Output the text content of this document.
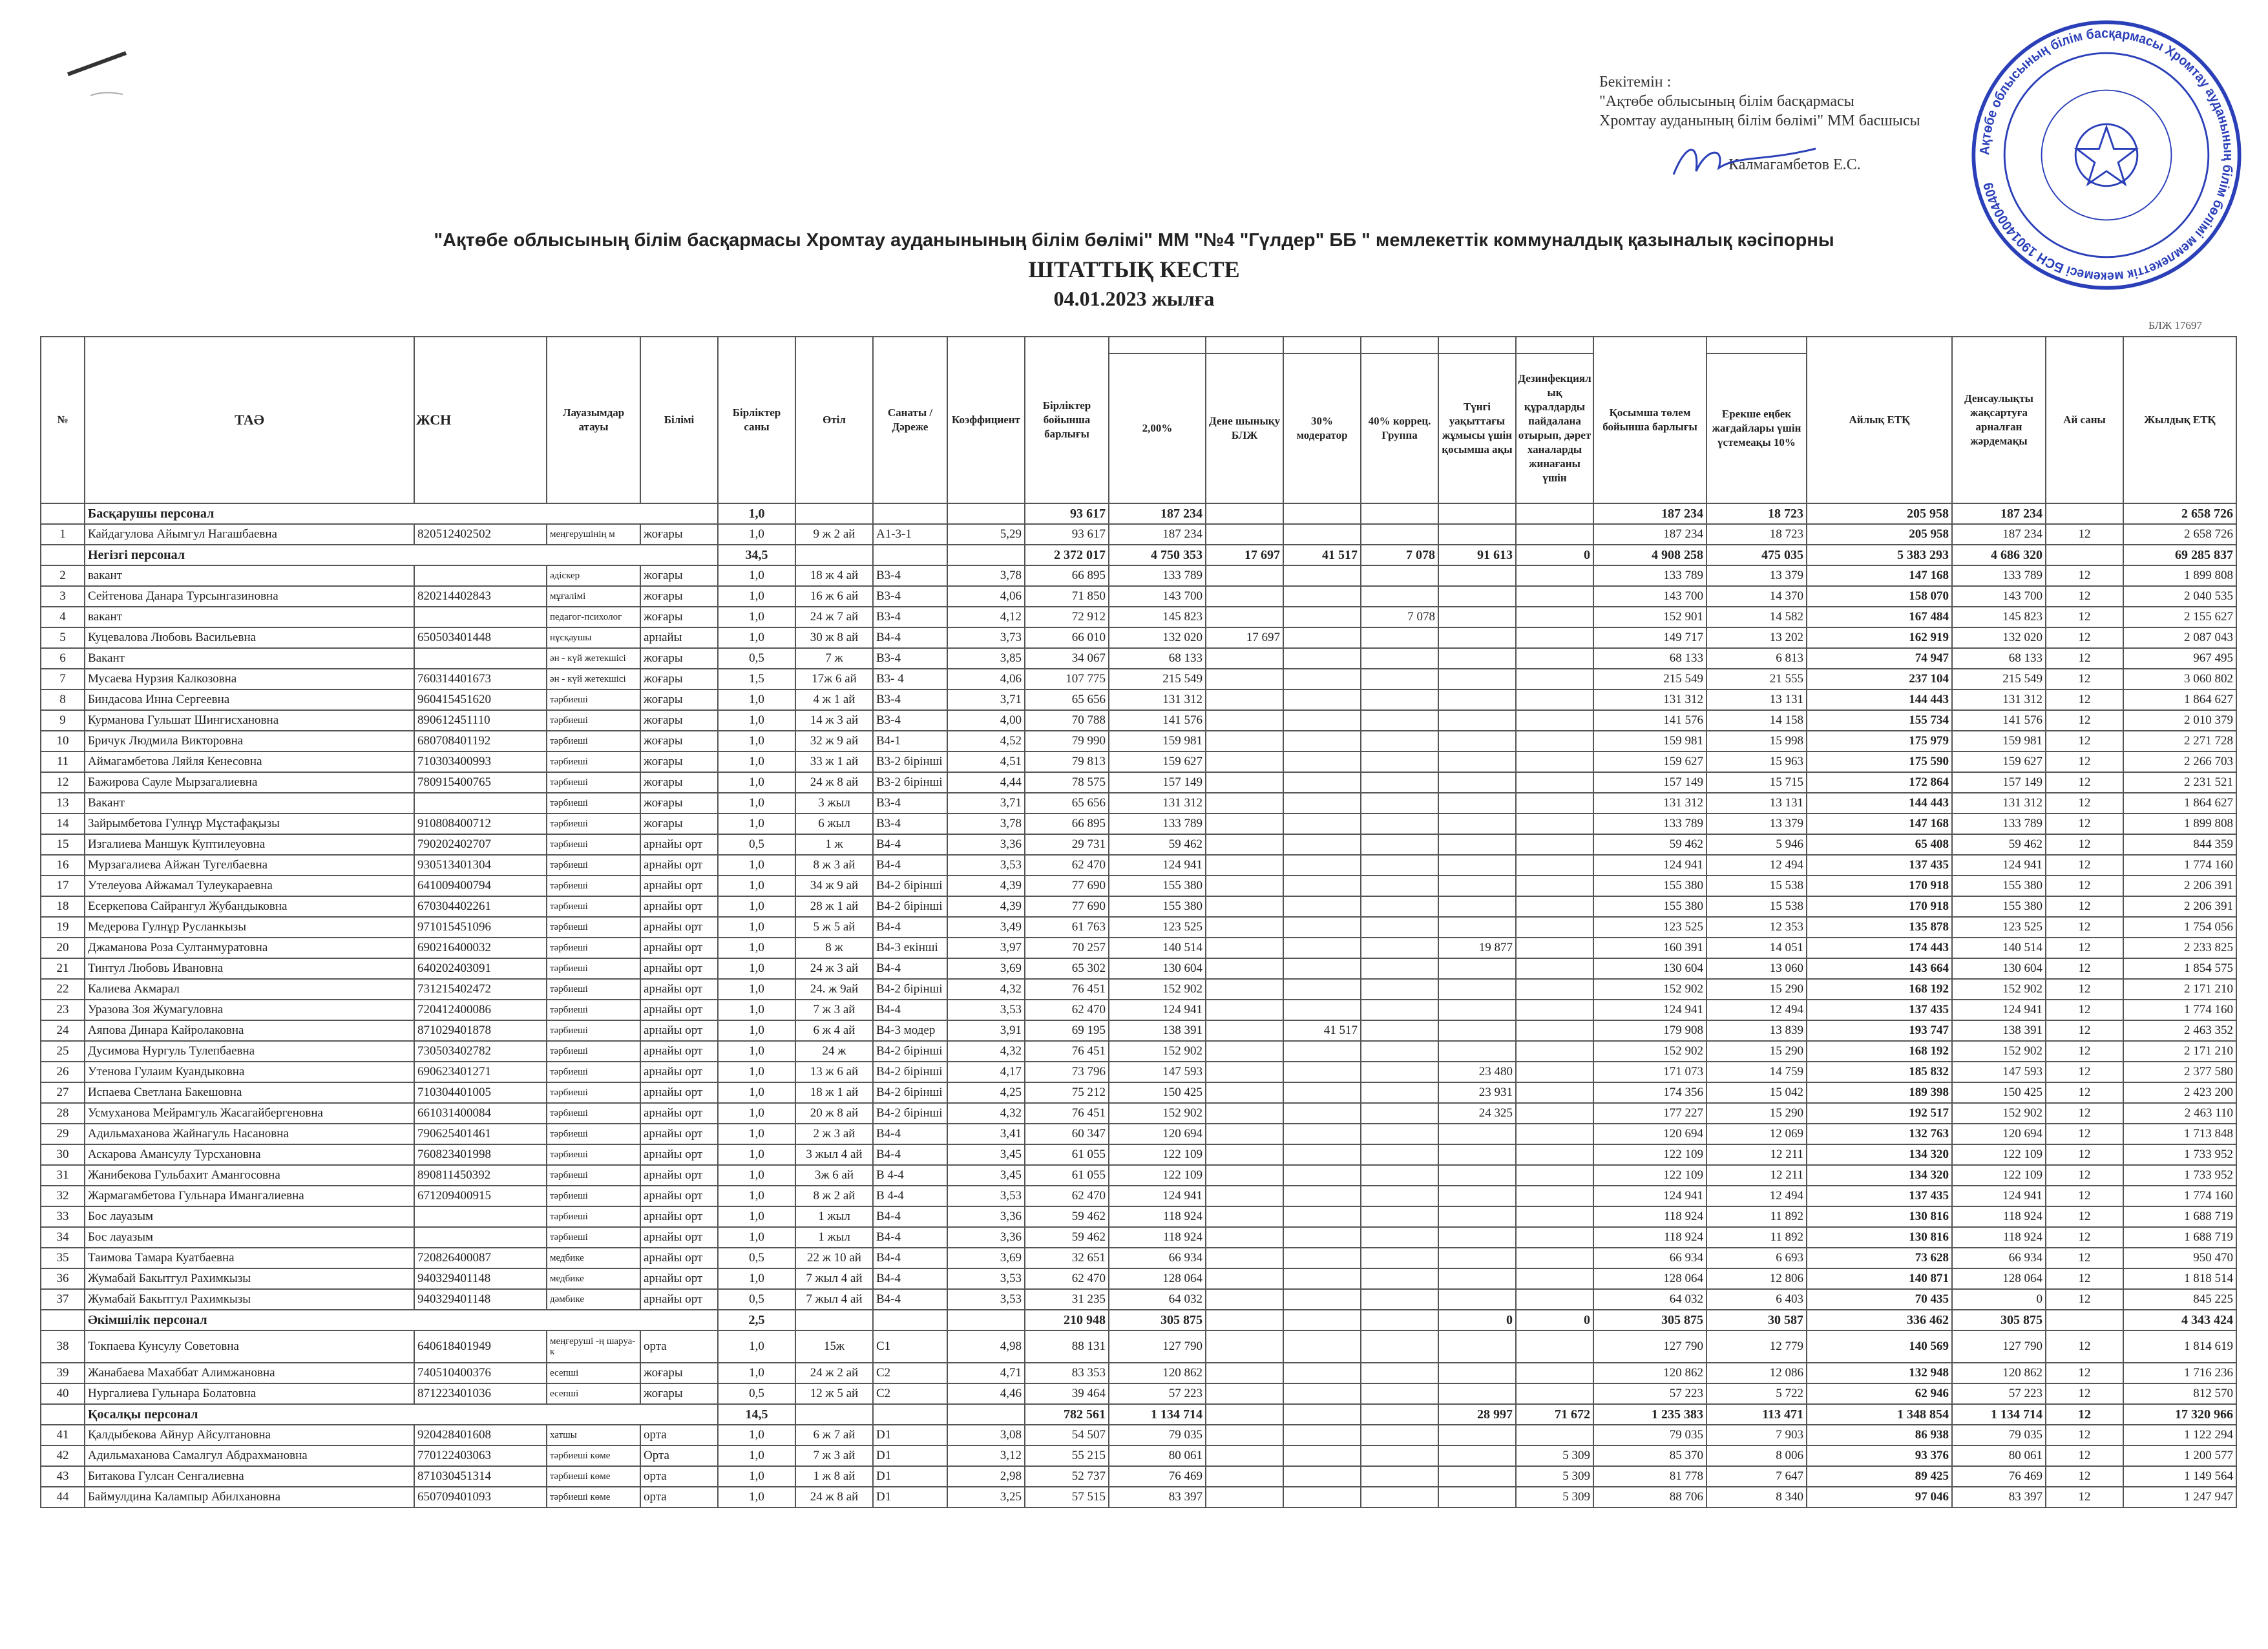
Бекітемін :
"Ақтөбе облысының білім басқармасы
Хромтау ауданының білім бөлімі" ММ басшысы
Калмагамбетов Е.С.
Ақтөбе облысының білім басқармасы Хромтау ауданының білім бөлімі мемлекеттік мекемесі БСН 190140004409
"Ақтөбе облысының білім басқармасы Хромтау ауданынының білім бөлімі" ММ "№4 "Гүлдер" ББ " мемлекеттік коммуналдық қазыналық кәсіпорны
ШТАТТЫҚ КЕСТЕ
04.01.2023 жылға
БЛЖ 17697
№	ТАӘ	ЖСН	Лауазымдар атауы	Білімі	Бірліктер саны	Өтіл	Санаты / Дәреже	Коэффициент	Бірліктер бойынша барлығы							Қосымша төлем бойынша барлығы		Айлық ЕТҚ	Денсаулықты жақсартуға арналған жәрдемақы	Ай саны	Жылдық ЕТҚ
										2,00%	Дене шынықу БЛЖ	30% модератор	40% коррец. Группа	Түнгі уақыттағы жұмысы үшін қосымша ақы	Дезинфекциялық құралдарды пайдалана отырып, дәрет ханаларды жинағаны үшін		Ерекше еңбек жағдайлары үшін үстемеақы 10%				
	Басқарушы персонал				1,0				93 617	187 234						187 234	18 723	205 958	187 234		2 658 726
1	Кайдагулова Айымгул Нагашбаевна	820512402502	меңгерушінің м	жоғары	1,0	9 ж 2 ай	А1-3-1	5,29	93 617	187 234						187 234	18 723	205 958	187 234	12	2 658 726
	Негізгі персонал				34,5				2 372 017	4 750 353	17 697	41 517	7 078	91 613	0	4 908 258	475 035	5 383 293	4 686 320		69 285 837
2	вакант		әдіскер	жоғары	1,0	18 ж 4 ай	В3-4	3,78	66 895	133 789						133 789	13 379	147 168	133 789	12	1 899 808
3	Сейтенова Данара Турсынгазиновна	820214402843	мұғалімі	жоғары	1,0	16 ж 6 ай	В3-4	4,06	71 850	143 700						143 700	14 370	158 070	143 700	12	2 040 535
4	вакант		педагог-психолог	жоғары	1,0	24 ж 7 ай	В3-4	4,12	72 912	145 823			7 078			152 901	14 582	167 484	145 823	12	2 155 627
5	Куцевалова Любовь Васильевна	650503401448	нұсқаушы	арнайы	1,0	30 ж 8 ай	В4-4	3,73	66 010	132 020	17 697					149 717	13 202	162 919	132 020	12	2 087 043
6	Вакант		ән - күй жетекшісі	жоғары	0,5	7 ж	В3-4	3,85	34 067	68 133						68 133	6 813	74 947	68 133	12	967 495
7	Мусаева Нурзия Калкозовна	760314401673	ән - күй жетекшісі	жоғары	1,5	17ж 6 ай	В3- 4	4,06	107 775	215 549						215 549	21 555	237 104	215 549	12	3 060 802
8	Биндасова Инна Сергеевна	960415451620	тәрбиеші	жоғары	1,0	4 ж 1 ай	В3-4	3,71	65 656	131 312						131 312	13 131	144 443	131 312	12	1 864 627
9	Курманова Гульшат Шингисхановна	890612451110	тәрбиеші	жоғары	1,0	14 ж 3 ай	В3-4	4,00	70 788	141 576						141 576	14 158	155 734	141 576	12	2 010 379
10	Бричук Людмила Викторовна	680708401192	тәрбиеші	жоғары	1,0	32 ж 9 ай	В4-1	4,52	79 990	159 981						159 981	15 998	175 979	159 981	12	2 271 728
11	Аймагамбетова Ляйля Кенесовна	710303400993	тәрбиеші	жоғары	1,0	33 ж 1 ай	В3-2 біріншi	4,51	79 813	159 627						159 627	15 963	175 590	159 627	12	2 266 703
12	Бажирова Сауле Мырзагалиевна	780915400765	тәрбиеші	жоғары	1,0	24 ж 8 ай	В3-2 біріншi	4,44	78 575	157 149						157 149	15 715	172 864	157 149	12	2 231 521
13	Вакант		тәрбиеші	жоғары	1,0	3 жыл	В3-4	3,71	65 656	131 312						131 312	13 131	144 443	131 312	12	1 864 627
14	Зайрымбетова Гулнұр Мұстафақызы	910808400712	тәрбиеші	жоғары	1,0	6 жыл	В3-4	3,78	66 895	133 789						133 789	13 379	147 168	133 789	12	1 899 808
15	Изгалиева Маншук Куптилеуовна	790202402707	тәрбиеші	арнайы орт	0,5	1 ж	В4-4	3,36	29 731	59 462						59 462	5 946	65 408	59 462	12	844 359
16	Мурзагалиева Айжан Тугелбаевна	930513401304	тәрбиеші	арнайы орт	1,0	8 ж 3 ай	В4-4	3,53	62 470	124 941						124 941	12 494	137 435	124 941	12	1 774 160
17	Утелеуова Айжамал Тулеукараевна	641009400794	тәрбиеші	арнайы орт	1,0	34 ж 9 ай	В4-2 біріншi	4,39	77 690	155 380						155 380	15 538	170 918	155 380	12	2 206 391
18	Есеркепова Сайрангул Жубандыковна	670304402261	тәрбиеші	арнайы орт	1,0	28 ж 1 ай	В4-2 біріншi	4,39	77 690	155 380						155 380	15 538	170 918	155 380	12	2 206 391
19	Медерова Гулнұр Русланкызы	971015451096	тәрбиеші	арнайы орт	1,0	5 ж 5 ай	В4-4	3,49	61 763	123 525						123 525	12 353	135 878	123 525	12	1 754 056
20	Джаманова Роза Султанмуратовна	690216400032	тәрбиеші	арнайы орт	1,0	8 ж	В4-3 екінші	3,97	70 257	140 514				19 877		160 391	14 051	174 443	140 514	12	2 233 825
21	Тинтул Любовь Ивановна	640202403091	тәрбиеші	арнайы орт	1,0	24 ж 3 ай	В4-4	3,69	65 302	130 604						130 604	13 060	143 664	130 604	12	1 854 575
22	Калиева Акмарал	731215402472	тәрбиеші	арнайы орт	1,0	24. ж 9ай	В4-2 біріншi	4,32	76 451	152 902						152 902	15 290	168 192	152 902	12	2 171 210
23	Уразова Зоя Жумагуловна	720412400086	тәрбиеші	арнайы орт	1,0	7 ж 3 ай	В4-4	3,53	62 470	124 941						124 941	12 494	137 435	124 941	12	1 774 160
24	Аяпова Динара Кайролаковна	871029401878	тәрбиеші	арнайы орт	1,0	6 ж 4 ай	В4-3 модер	3,91	69 195	138 391		41 517				179 908	13 839	193 747	138 391	12	2 463 352
25	Дусимова Нургуль Тулепбаевна	730503402782	тәрбиеші	арнайы орт	1,0	24 ж	В4-2 біріншi	4,32	76 451	152 902						152 902	15 290	168 192	152 902	12	2 171 210
26	Утенова Гулаим Куандыковна	690623401271	тәрбиеші	арнайы орт	1,0	13 ж 6 ай	В4-2 біріншi	4,17	73 796	147 593				23 480		171 073	14 759	185 832	147 593	12	2 377 580
27	Испаева Светлана Бакешовна	710304401005	тәрбиеші	арнайы орт	1,0	18 ж 1 ай	В4-2 біріншi	4,25	75 212	150 425				23 931		174 356	15 042	189 398	150 425	12	2 423 200
28	Усмуханова Мейрамгуль Жасагайбергеновна	661031400084	тәрбиеші	арнайы орт	1,0	20 ж 8 ай	В4-2 біріншi	4,32	76 451	152 902				24 325		177 227	15 290	192 517	152 902	12	2 463 110
29	Адильмаханова Жайнагуль Насановна	790625401461	тәрбиеші	арнайы орт	1,0	2 ж 3 ай	В4-4	3,41	60 347	120 694						120 694	12 069	132 763	120 694	12	1 713 848
30	Аскарова Амансулу Турсхановна	760823401998	тәрбиеші	арнайы орт	1,0	3 жыл 4 ай	В4-4	3,45	61 055	122 109						122 109	12 211	134 320	122 109	12	1 733 952
31	Жанибекова Гульбахит Амангосовна	890811450392	тәрбиеші	арнайы орт	1,0	3ж 6 ай	В 4-4	3,45	61 055	122 109						122 109	12 211	134 320	122 109	12	1 733 952
32	Жармагамбетова Гульнара Имангалиевна	671209400915	тәрбиеші	арнайы орт	1,0	8 ж 2 ай	В 4-4	3,53	62 470	124 941						124 941	12 494	137 435	124 941	12	1 774 160
33	Бос лауазым		тәрбиеші	арнайы орт	1,0	1 жыл	В4-4	3,36	59 462	118 924						118 924	11 892	130 816	118 924	12	1 688 719
34	Бос лауазым		тәрбиеші	арнайы орт	1,0	1 жыл	В4-4	3,36	59 462	118 924						118 924	11 892	130 816	118 924	12	1 688 719
35	Таимова Тамара Куатбаевна	720826400087	медбике	арнайы орт	0,5	22 ж 10 ай	В4-4	3,69	32 651	66 934						66 934	6 693	73 628	66 934	12	950 470
36	Жумабай Бакытгул Рахимкызы	940329401148	медбике	арнайы орт	1,0	7 жыл 4 ай	В4-4	3,53	62 470	128 064						128 064	12 806	140 871	128 064	12	1 818 514
37	Жумабай Бакытгул Рахимкызы	940329401148	дәмбике	арнайы орт	0,5	7 жыл 4 ай	В4-4	3,53	31 235	64 032						64 032	6 403	70 435	0	12	845 225
	Әкімшілік персонал				2,5				210 948	305 875				0	0	305 875	30 587	336 462	305 875		4 343 424
38	Токпаева Кунсулу Советовна	640618401949	меңгеруші -ң шаруа-к	орта	1,0	15ж	С1	4,98	88 131	127 790						127 790	12 779	140 569	127 790	12	1 814 619
39	Жанабаева Махаббат Алимжановна	740510400376	есепші	жоғары	1,0	24 ж 2 ай	С2	4,71	83 353	120 862						120 862	12 086	132 948	120 862	12	1 716 236
40	Нургалиева Гульнара Болатовна	871223401036	есепші	жоғары	0,5	12 ж 5 ай	С2	4,46	39 464	57 223						57 223	5 722	62 946	57 223	12	812 570
	Қосалқы персонал				14,5				782 561	1 134 714				28 997	71 672	1 235 383	113 471	1 348 854	1 134 714	12	17 320 966
41	Қалдыбекова Айнур Айсултановна	920428401608	хатшы	орта	1,0	6 ж 7 ай	D1	3,08	54 507	79 035						79 035	7 903	86 938	79 035	12	1 122 294
42	Адильмаханова Самалгул Абдрахмановна	770122403063	тәрбиеші көме	Орта	1,0	7 ж 3 ай	D1	3,12	55 215	80 061					5 309	85 370	8 006	93 376	80 061	12	1 200 577
43	Битакова Гулсан Сенгалиевна	871030451314	тәрбиеші көме	орта	1,0	1 ж 8 ай	D1	2,98	52 737	76 469					5 309	81 778	7 647	89 425	76 469	12	1 149 564
44	Баймулдина Калампыр Абилхановна	650709401093	тәрбиеші көме	орта	1,0	24 ж 8 ай	D1	3,25	57 515	83 397					5 309	88 706	8 340	97 046	83 397	12	1 247 947
